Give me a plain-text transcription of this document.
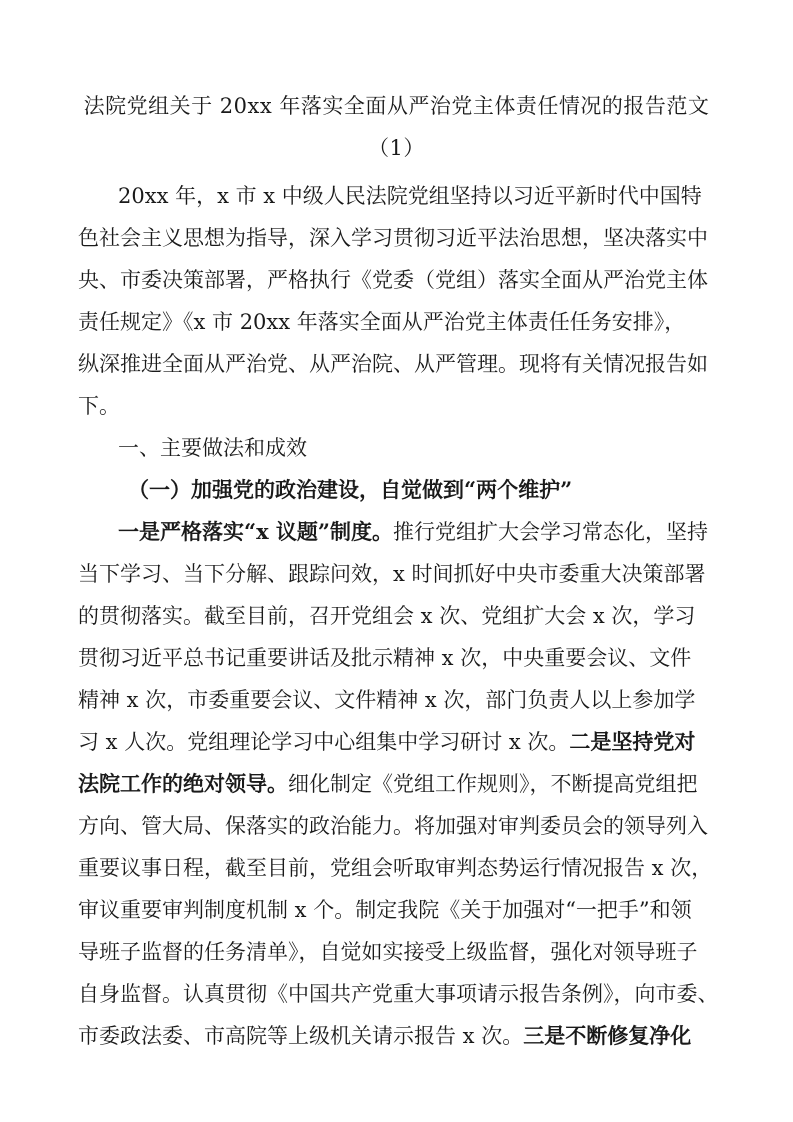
法院党组关于 20xx 年落实全面从严治党主体责任情况的报告范文
（1）
20xx 年，x 市 x 中级人民法院党组坚持以习近平新时代中国特
色社会主义思想为指导，深入学习贯彻习近平法治思想，坚决落实中
央、市委决策部署，严格执行《党委（党组）落实全面从严治党主体
责任规定》《x 市 20xx 年落实全面从严治党主体责任任务安排》，
纵深推进全面从严治党、从严治院、从严管理。现将有关情况报告如
下。
一、主要做法和成效
（一）加强党的政治建设，自觉做到“两个维护”
一是严格落实“x 议题”制度。推行党组扩大会学习常态化，坚持
当下学习、当下分解、跟踪问效，x 时间抓好中央市委重大决策部署
的贯彻落实。截至目前，召开党组会 x 次、党组扩大会 x 次，学习
贯彻习近平总书记重要讲话及批示精神 x 次，中央重要会议、文件
精神 x 次，市委重要会议、文件精神 x 次，部门负责人以上参加学
习 x 人次。党组理论学习中心组集中学习研讨 x 次。二是坚持党对
法院工作的绝对领导。细化制定《党组工作规则》，不断提高党组把
方向、管大局、保落实的政治能力。将加强对审判委员会的领导列入
重要议事日程，截至目前，党组会听取审判态势运行情况报告 x 次，
审议重要审判制度机制 x 个。制定我院《关于加强对“一把手”和领
导班子监督的任务清单》，自觉如实接受上级监督，强化对领导班子
自身监督。认真贯彻《中国共产党重大事项请示报告条例》，向市委、
市委政法委、市高院等上级机关请示报告 x 次。三是不断修复净化
